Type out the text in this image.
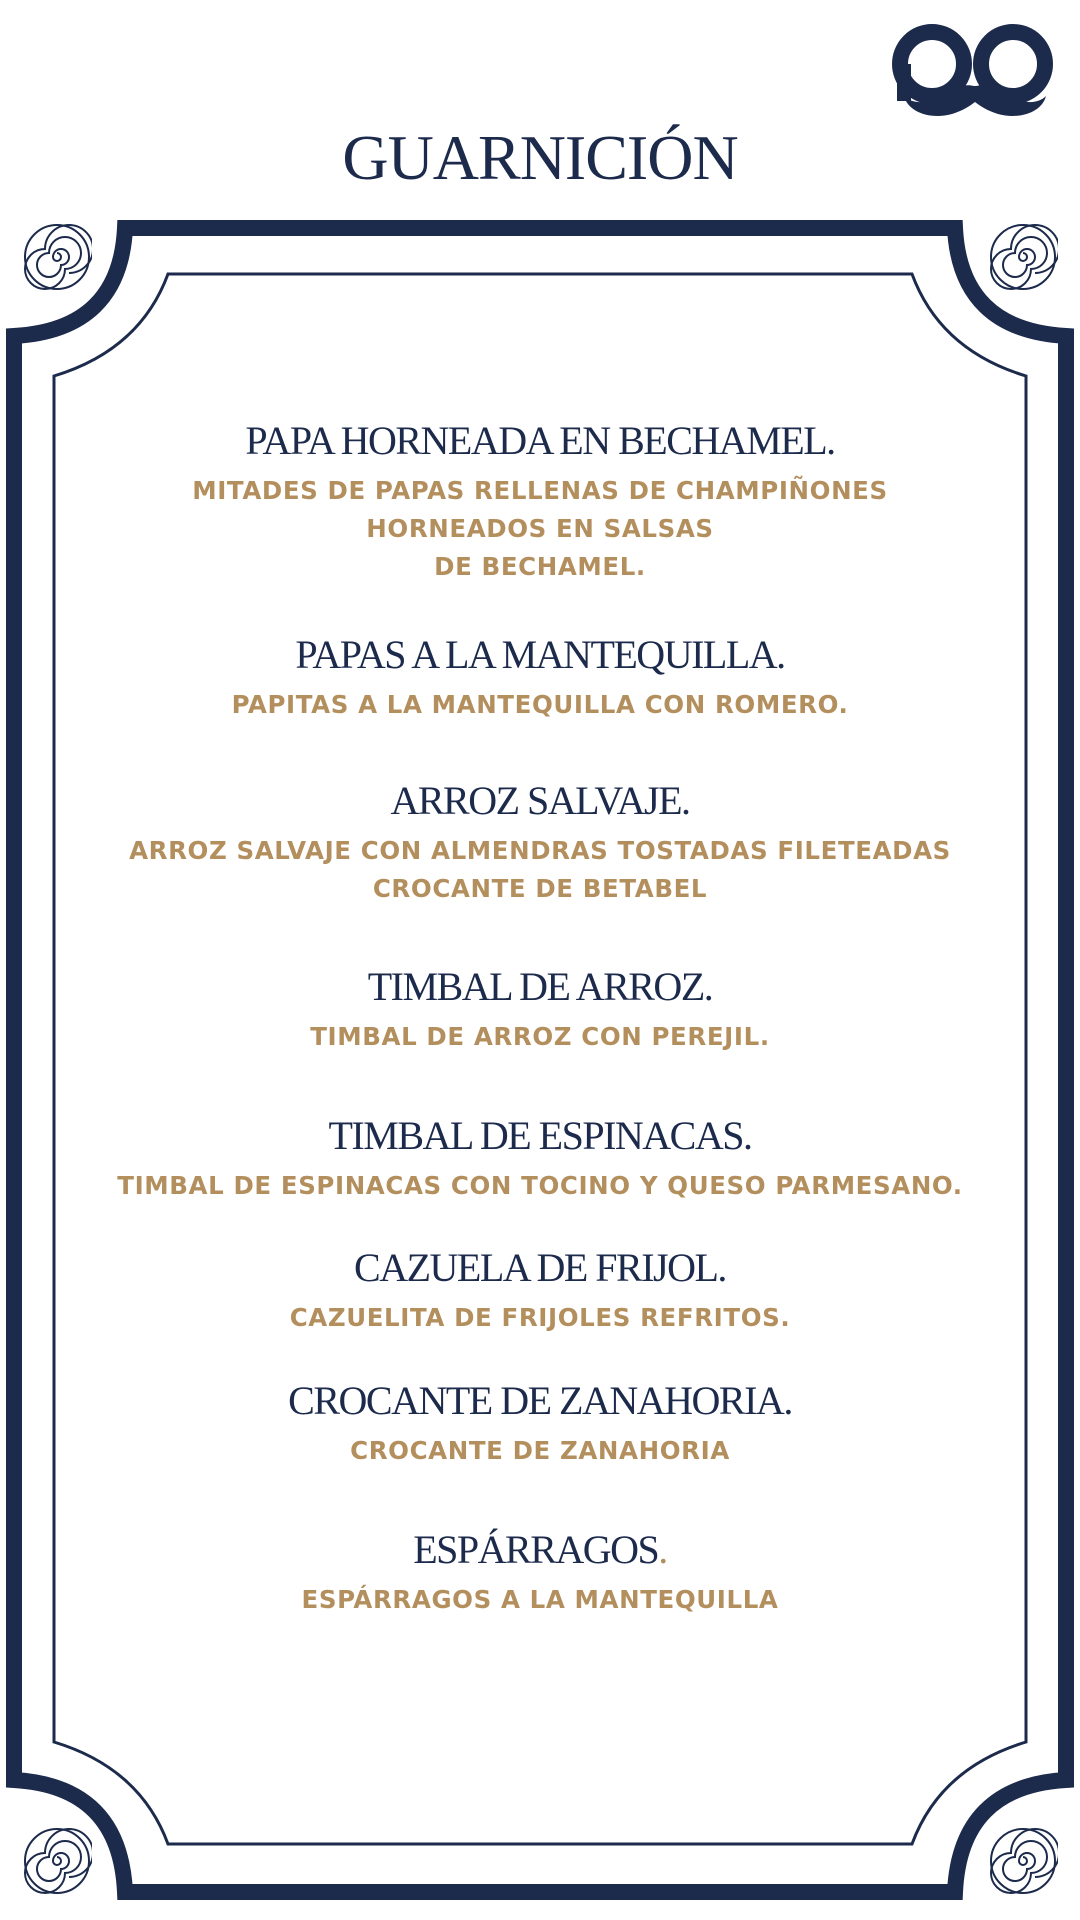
GUARNICIÓN
PAPA HORNEADA EN BECHAMEL.

MITADES DE PAPAS RELLENAS DE CHAMPIÑONES
HORNEADOS EN SALSAS
DE BECHAMEL.

PAPAS A LA MANTEQUILLA.

PAPITAS A LA MANTEQUILLA CON ROMERO.

ARROZ SALVAJE.

ARROZ SALVAJE CON ALMENDRAS TOSTADAS FILETEADAS
CROCANTE DE BETABEL

TIMBAL DE ARROZ.

TIMBAL DE ARROZ CON PEREJIL.

TIMBAL DE ESPINACAS.

TIMBAL DE ESPINACAS CON TOCINO Y QUESO PARMESANO.

CAZUELA DE FRIJOL.

CAZUELITA DE FRIJOLES REFRITOS.

CROCANTE DE ZANAHORIA.

CROCANTE DE ZANAHORIA

ESPÁRRAGOS.

ESPÁRRAGOS A LA MANTEQUILLA
